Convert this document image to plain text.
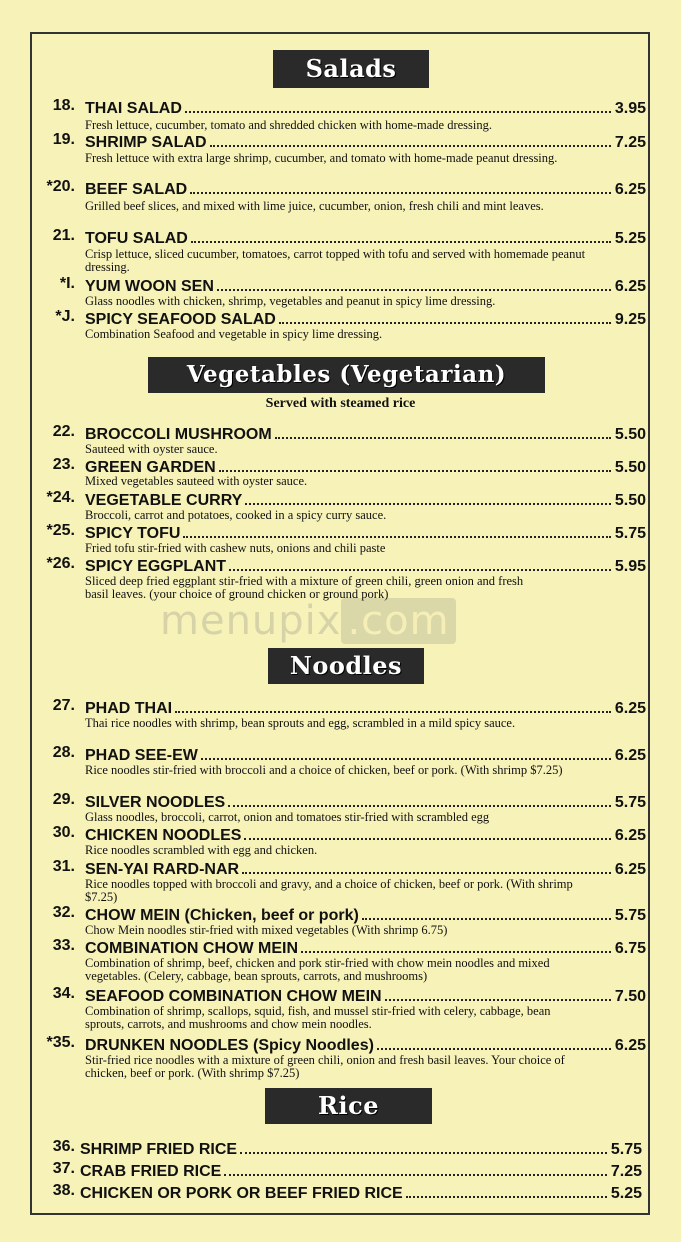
menupix .com
Salads
18. THAI SALAD	3.95
Fresh lettuce, cucumber, tomato and shredded chicken with home-made dressing.
19. SHRIMP SALAD	7.25
Fresh lettuce with extra large shrimp, cucumber, and tomato with home-made peanut dressing.
*20. BEEF SALAD	6.25
Grilled beef slices, and mixed with lime juice, cucumber, onion, fresh chili and mint leaves.
21. TOFU SALAD	5.25
Crisp lettuce, sliced cucumber, tomatoes, carrot topped with tofu and served with homemade peanut dressing.
*I. YUM WOON SEN	6.25
Glass noodles with chicken, shrimp, vegetables and peanut in spicy lime dressing.
*J. SPICY SEAFOOD SALAD	9.25
Combination Seafood and vegetable in spicy lime dressing.
Vegetables (Vegetarian)
Served with steamed rice
22. BROCCOLI MUSHROOM	5.50
Sauteed with oyster sauce.
23. GREEN GARDEN	5.50
Mixed vegetables sauteed with oyster sauce.
*24. VEGETABLE CURRY	5.50
Broccoli, carrot and potatoes, cooked in a spicy curry sauce.
*25. SPICY TOFU	5.75
Fried tofu stir-fried with cashew nuts, onions and chili paste
*26. SPICY EGGPLANT	5.95
Sliced deep fried eggplant stir-fried with a mixture of green chili, green onion and fresh basil leaves. (your choice of ground chicken or ground pork)
Noodles
27. PHAD THAI	6.25
Thai rice noodles with shrimp, bean sprouts and egg, scrambled in a mild spicy sauce.
28. PHAD SEE-EW	6.25
Rice noodles stir-fried with broccoli and a choice of chicken, beef or pork. (With shrimp $7.25)
29. SILVER NOODLES	5.75
Glass noodles, broccoli, carrot, onion and tomatoes stir-fried with scrambled egg
30. CHICKEN NOODLES	6.25
Rice noodles scrambled with egg and chicken.
31. SEN-YAI RARD-NAR	6.25
Rice noodles topped with broccoli and gravy, and a choice of chicken, beef or pork. (With shrimp $7.25)
32. CHOW MEIN (Chicken, beef or pork)	5.75
Chow Mein noodles stir-fried with mixed vegetables (With shrimp 6.75)
33. COMBINATION CHOW MEIN	6.75
Combination of shrimp, beef, chicken and pork stir-fried with chow mein noodles and mixed vegetables. (Celery, cabbage, bean sprouts, carrots, and mushrooms)
34. SEAFOOD COMBINATION CHOW MEIN	7.50
Combination of shrimp, scallops, squid, fish, and mussel stir-fried with celery, cabbage, bean sprouts, carrots, and mushrooms and chow mein noodles.
*35. DRUNKEN NOODLES (Spicy Noodles)	6.25
Stir-fried rice noodles with a mixture of green chili, onion and fresh basil leaves. Your choice of chicken, beef or pork. (With shrimp $7.25)
Rice
36. SHRIMP FRIED RICE	5.75
37. CRAB FRIED RICE	7.25
38. CHICKEN OR PORK OR BEEF FRIED RICE	5.25
